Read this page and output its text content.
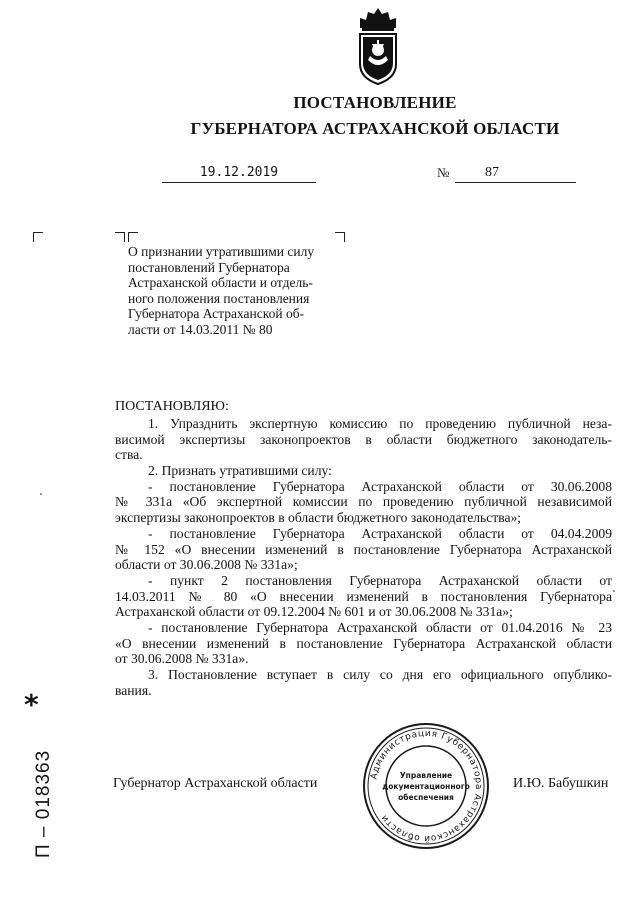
ПОСТАНОВЛЕНИЕ
ГУБЕРНАТОРА АСТРАХАНСКОЙ ОБЛАСТИ
19.12.2019	№	87
О признании утратившими силу
постановлений Губернатора
Астраханской области и отдель-
ного положения постановления
Губернатора Астраханской об-
ласти от 14.03.2011 № 80
ПОСТАНОВЛЯЮ:
1. Упразднить экспертную комиссию по проведению публичной неза-
висимой экспертизы законопроектов в области бюджетного законодатель-
ства.
2. Признать утратившими силу:
- постановление Губернатора Астраханской области от 30.06.2008
№ 331а «Об экспертной комиссии по проведению публичной независимой
экспертизы законопроектов в области бюджетного законодательства»;
- постановление Губернатора Астраханской области от 04.04.2009
№ 152 «О внесении изменений в постановление Губернатора Астраханской
области от 30.06.2008 № 331а»;
- пункт 2 постановления Губернатора Астраханской области от
14.03.2011 № 80 «О внесении изменений в постановления Губернатора
Астраханской области от 09.12.2004 № 601 и от 30.06.2008 № 331а»;
- постановление Губернатора Астраханской области от 01.04.2016 № 23
«О внесении изменений в постановление Губернатора Астраханской области
от 30.06.2008 № 331а».
3. Постановление вступает в силу со дня его официального опублико-
вания.
Губернатор Астраханской области	И.Ю. Бабушкин
Администрация Губернатора Астраханской области
Управление
документационного
обеспечения
*
П – 018363
